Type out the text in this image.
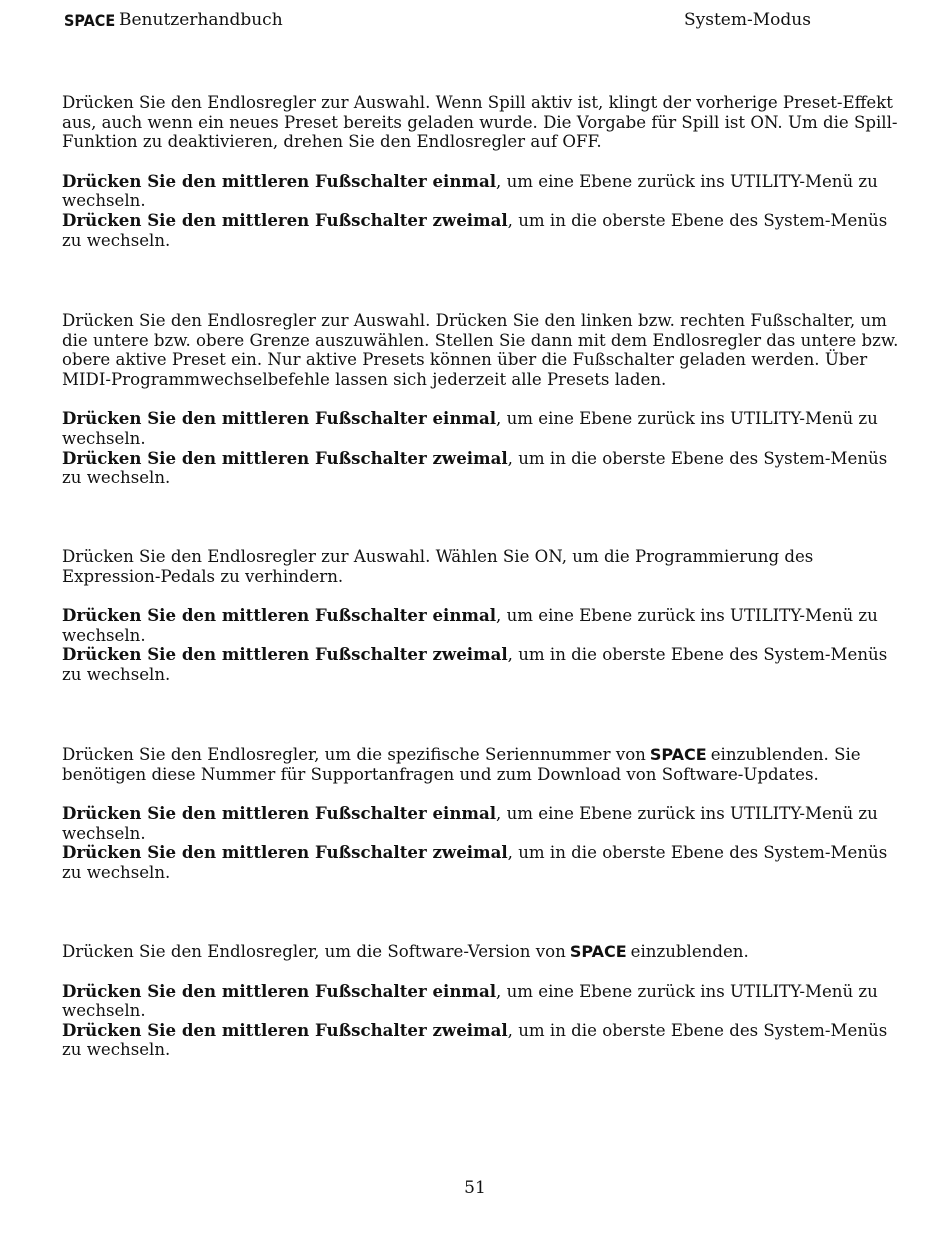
SPACE Benutzerhandbuch	System-Modus

Drücken Sie den Endlosregler zur Auswahl. Wenn Spill aktiv ist, klingt der vorherige Preset-Effekt aus, auch wenn ein neues Preset bereits geladen wurde. Die Vorgabe für Spill ist ON. Um die Spill-Funktion zu deaktivieren, drehen Sie den Endlosregler auf OFF.

Drücken Sie den mittleren Fußschalter einmal, um eine Ebene zurück ins UTILITY-Menü zu wechseln.

Drücken Sie den mittleren Fußschalter zweimal, um in die oberste Ebene des System-Menüs zu wechseln.

Drücken Sie den Endlosregler zur Auswahl. Drücken Sie den linken bzw. rechten Fußschalter, um die untere bzw. obere Grenze auszuwählen. Stellen Sie dann mit dem Endlosregler das untere bzw. obere aktive Preset ein. Nur aktive Presets können über die Fußschalter geladen werden. Über MIDI-Programmwechselbefehle lassen sich jederzeit alle Presets laden.

Drücken Sie den mittleren Fußschalter einmal, um eine Ebene zurück ins UTILITY-Menü zu wechseln.

Drücken Sie den mittleren Fußschalter zweimal, um in die oberste Ebene des System-Menüs zu wechseln.

Drücken Sie den Endlosregler zur Auswahl. Wählen Sie ON, um die Programmierung des Expression-Pedals zu verhindern.

Drücken Sie den mittleren Fußschalter einmal, um eine Ebene zurück ins UTILITY-Menü zu wechseln.

Drücken Sie den mittleren Fußschalter zweimal, um in die oberste Ebene des System-Menüs zu wechseln.

Drücken Sie den Endlosregler, um die spezifische Seriennummer von SPACE einzublenden. Sie benötigen diese Nummer für Supportanfragen und zum Download von Software-Updates.

Drücken Sie den mittleren Fußschalter einmal, um eine Ebene zurück ins UTILITY-Menü zu wechseln.

Drücken Sie den mittleren Fußschalter zweimal, um in die oberste Ebene des System-Menüs zu wechseln.

Drücken Sie den Endlosregler, um die Software-Version von SPACE einzublenden.

Drücken Sie den mittleren Fußschalter einmal, um eine Ebene zurück ins UTILITY-Menü zu wechseln.

Drücken Sie den mittleren Fußschalter zweimal, um in die oberste Ebene des System-Menüs zu wechseln.

51
